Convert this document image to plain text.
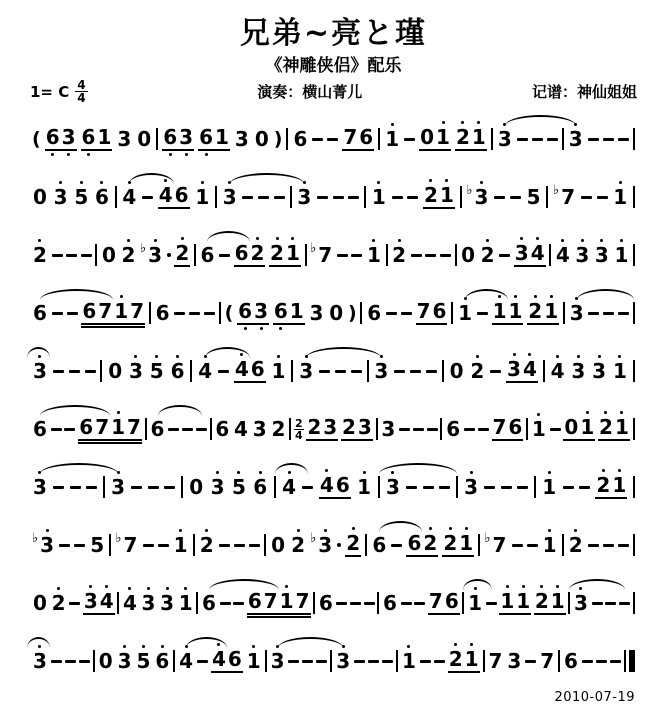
兄弟~亮と瑾
《神雕侠侣》配乐
1= C $\frac{4}{4}$	演奏：横山菁儿	记谱：神仙姐姐
( 6 3 6 1 3 0 6 3 6 1 3 0 ) 6 7 6 1 0 1 2 1 3	3
0 3 5 6 4 4 6 1 3	3	1 2 1 ♭ 3 5 ♭ 7 1
2	0 2 ♭ 3 2 6 6 2 2 1 ♭ 7 1 2	0 2 3 4 4 3 3 1
6 6 7 1 7 6	( 6 3 6 1 3 0 ) 6 7 6 1 1 1 2 1 3
3	0 3 5 6 4 4 6 1 3	3	0 2 3 4 4 3 3 1
6 6 7 1 7 6	6 4 3 2 2
4 2 3 2 3 3	6 7 6 1 0 1 2 1
3	3	0 3 5 6 4 4 6 1 3	3	1 2 1
♭ 3 5 ♭ 7 1 2	0 2 ♭ 3 2 6 6 2 2 1 ♭ 7 1 2
0 2 3 4 4 3 3 1 6 6 7 1 7 6	6 7 6 1 1 1 2 1 3
3	0 3 5 6 4 4 6 1 3	3	1 2 1 7 3 7 6
2010-07-19
